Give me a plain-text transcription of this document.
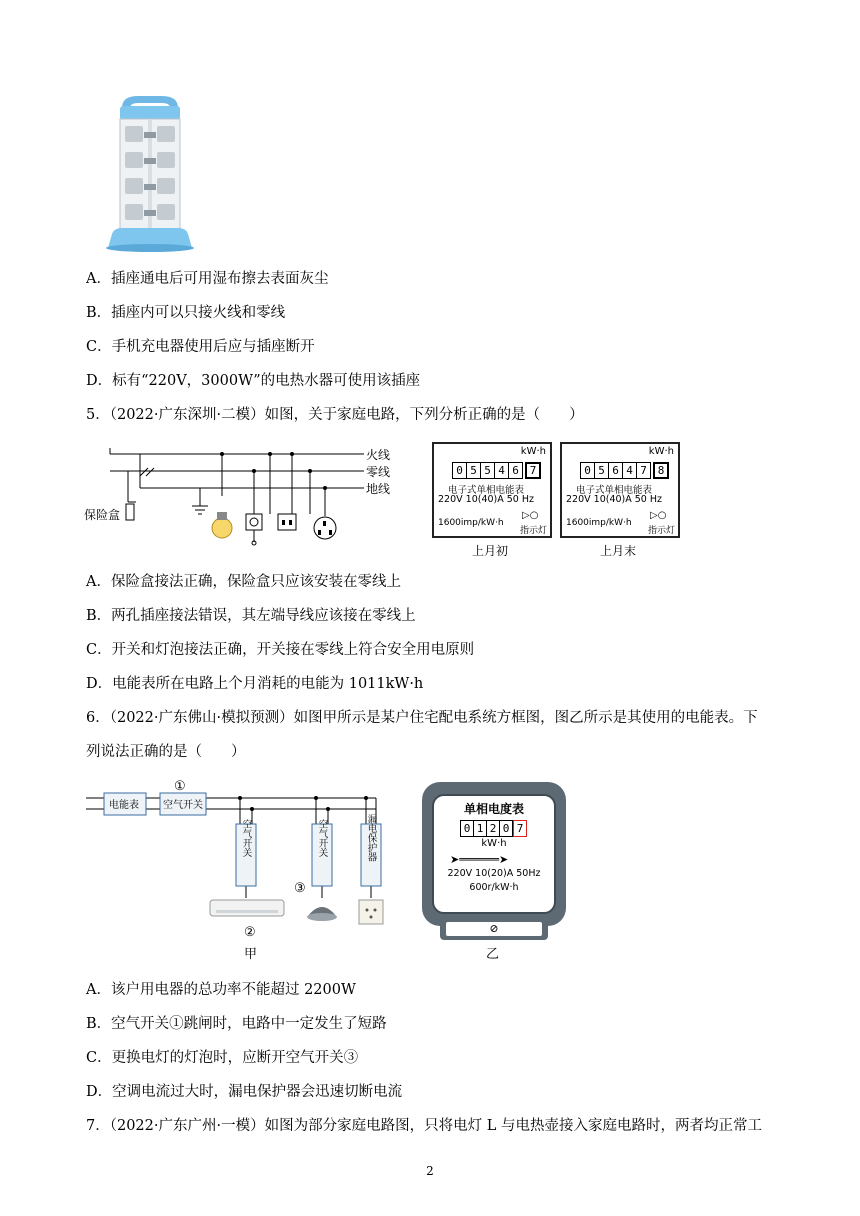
A．插座通电后可用湿布擦去表面灰尘
B．插座内可以只接火线和零线
C．手机充电器使用后应与插座断开
D．标有“220V，3000W”的电热水器可使用该插座
5．（2022·广东深圳·二模）如图，关于家庭电路，下列分析正确的是（　　）
火线
零线
地线
保险盒
kW·h
0 5 5 4 6 7
电子式单相电能表
220V 10(40)A 50 Hz
1600imp/kW·h
▷○
指示灯
上月初
kW·h
0 5 6 4 7 8
电子式单相电能表
220V 10(40)A 50 Hz
1600imp/kW·h
▷○
指示灯
上月末
A．保险盒接法正确，保险盒只应该安装在零线上
B．两孔插座接法错误，其左端导线应该接在零线上
C．开关和灯泡接法正确，开关接在零线上符合安全用电原则
D．电能表所在电路上个月消耗的电能为 1011kW·h
6．（2022·广东佛山·模拟预测）如图甲所示是某户住宅配电系统方框图，图乙所示是其使用的电能表。下
列说法正确的是（　　）
电能表 空气开关
①
空气开关	空气开关	漏电保护器
②
甲
③
单相电度表
0 1 2 0 7
kW·h
➤══════➤
220V 10(20)A 50Hz
600r/kW·h
⊘
乙
A．该户用电器的总功率不能超过 2200W
B．空气开关①跳闸时，电路中一定发生了短路
C．更换电灯的灯泡时，应断开空气开关③
D．空调电流过大时，漏电保护器会迅速切断电流
7．（2022·广东广州·一模）如图为部分家庭电路图，只将电灯 L 与电热壶接入家庭电路时，两者均正常工
2
